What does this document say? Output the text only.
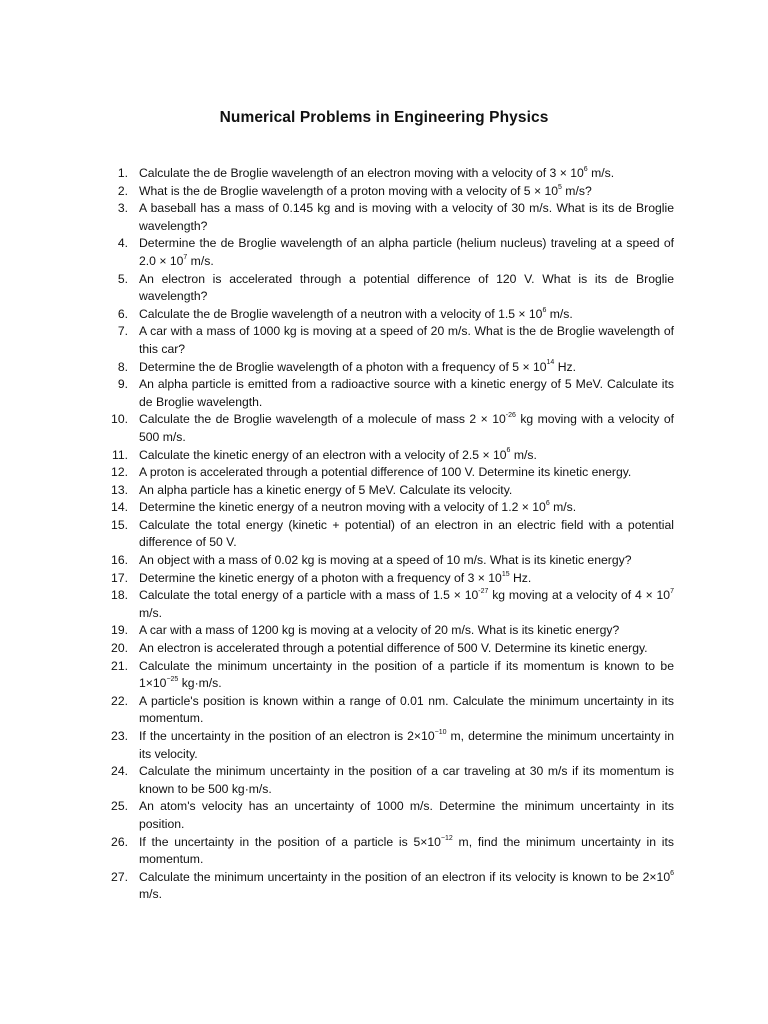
Numerical Problems in Engineering Physics
1. Calculate the de Broglie wavelength of an electron moving with a velocity of $3 \times 10^6$ m/s.
2. What is the de Broglie wavelength of a proton moving with a velocity of $5 \times 10^5$ m/s?
3. A baseball has a mass of 0.145 kg and is moving with a velocity of 30 m/s. What is its de Broglie wavelength?
4. Determine the de Broglie wavelength of an alpha particle (helium nucleus) traveling at a speed of $2.0 \times 10^7$ m/s.
5. An electron is accelerated through a potential difference of 120 V. What is its de Broglie wavelength?
6. Calculate the de Broglie wavelength of a neutron with a velocity of $1.5 \times 10^6$ m/s.
7. A car with a mass of 1000 kg is moving at a speed of 20 m/s. What is the de Broglie wavelength of this car?
8. Determine the de Broglie wavelength of a photon with a frequency of $5 \times 10^{14}$ Hz.
9. An alpha particle is emitted from a radioactive source with a kinetic energy of 5 MeV. Calculate its de Broglie wavelength.
10. Calculate the de Broglie wavelength of a molecule of mass $2 \times 10^{-26}$ kg moving with a velocity of 500 m/s.
11. Calculate the kinetic energy of an electron with a velocity of $2.5 \times 10^6$ m/s.
12. A proton is accelerated through a potential difference of 100 V. Determine its kinetic energy.
13. An alpha particle has a kinetic energy of 5 MeV. Calculate its velocity.
14. Determine the kinetic energy of a neutron moving with a velocity of $1.2 \times 10^6$ m/s.
15. Calculate the total energy (kinetic + potential) of an electron in an electric field with a potential difference of 50 V.
16. An object with a mass of 0.02 kg is moving at a speed of 10 m/s. What is its kinetic energy?
17. Determine the kinetic energy of a photon with a frequency of $3 \times 10^{15}$ Hz.
18. Calculate the total energy of a particle with a mass of $1.5 \times 10^{-27}$ kg moving at a velocity of $4 \times 10^7$ m/s.
19. A car with a mass of 1200 kg is moving at a velocity of 20 m/s. What is its kinetic energy?
20. An electron is accelerated through a potential difference of 500 V. Determine its kinetic energy.
21. Calculate the minimum uncertainty in the position of a particle if its momentum is known to be $1\times 10^{-25}$ kg·m/s.
22. A particle's position is known within a range of 0.01 nm. Calculate the minimum uncertainty in its momentum.
23. If the uncertainty in the position of an electron is $2\times 10^{-10}$ m, determine the minimum uncertainty in its velocity.
24. Calculate the minimum uncertainty in the position of a car traveling at 30 m/s if its momentum is known to be 500 kg·m/s.
25. An atom's velocity has an uncertainty of 1000 m/s. Determine the minimum uncertainty in its position.
26. If the uncertainty in the position of a particle is $5\times 10^{-12}$ m, find the minimum uncertainty in its momentum.
27. Calculate the minimum uncertainty in the position of an electron if its velocity is known to be $2\times 10^6$ m/s.
